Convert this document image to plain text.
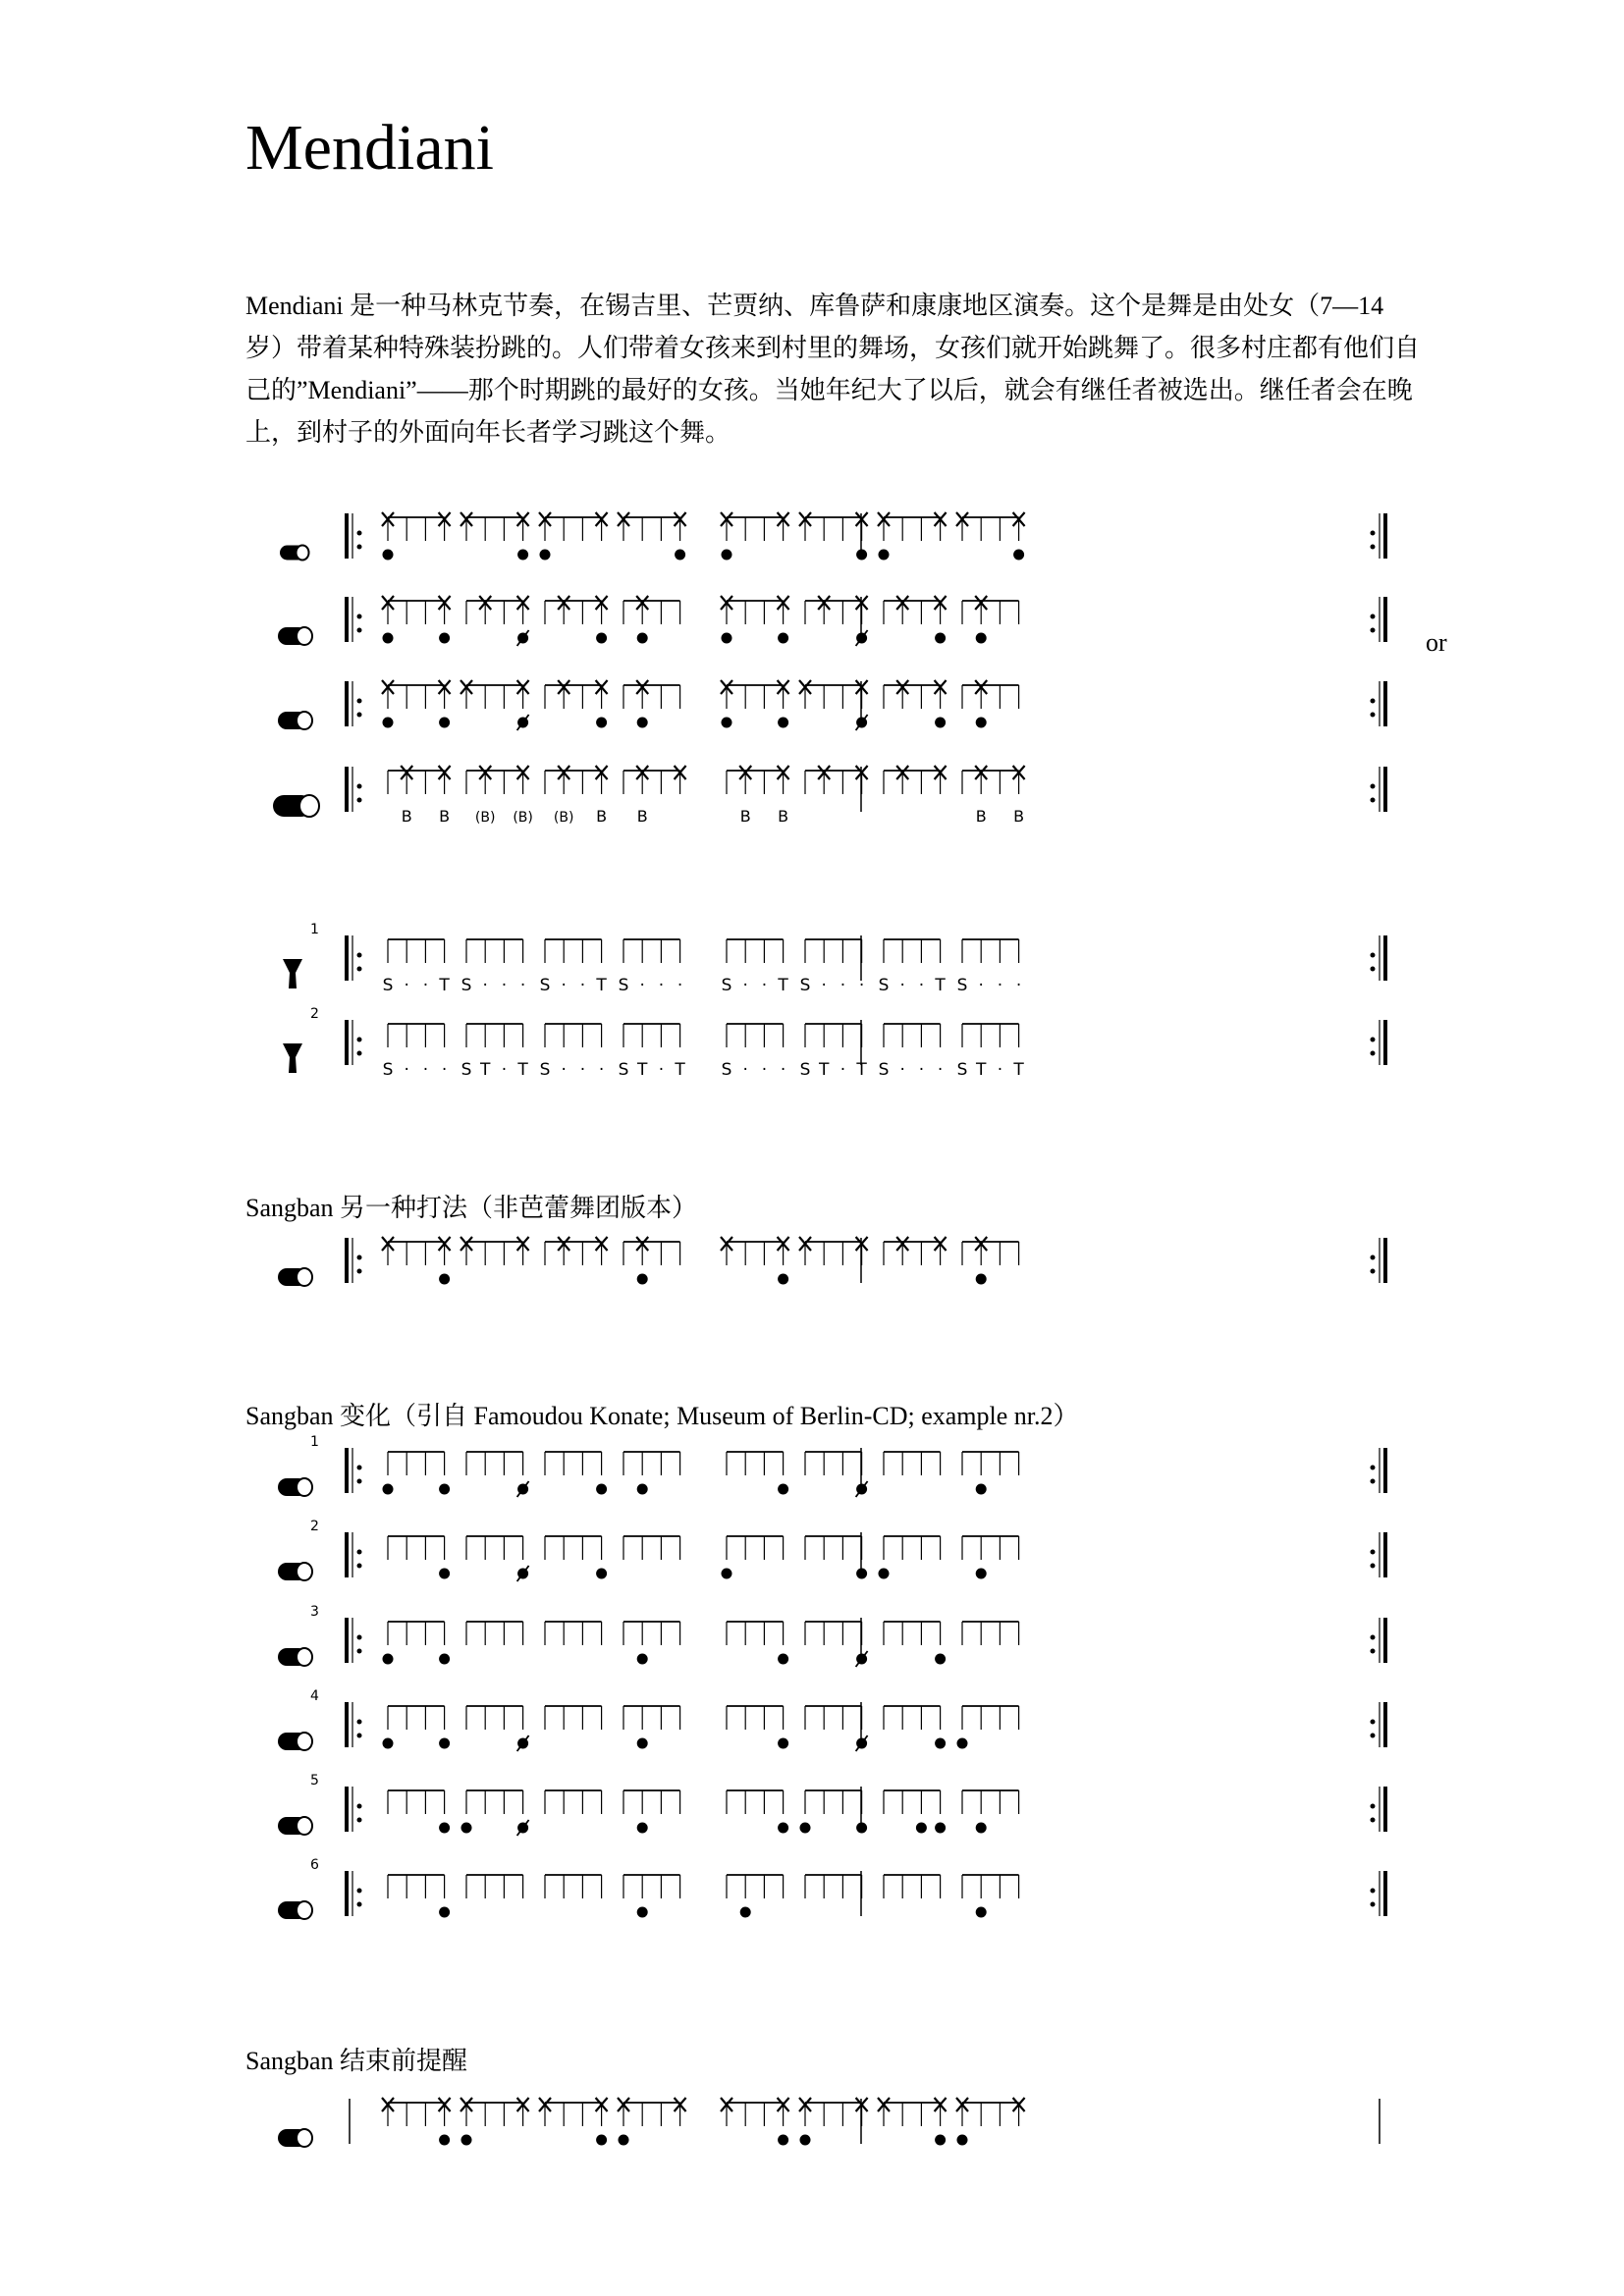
Mendiani

Mendiani 是一种马林克节奏，在锡吉里、芒贾纳、库鲁萨和康康地区演奏。这个是舞是由处女（7—14 岁）带着某种特殊装扮跳的。人们带着女孩来到村里的舞场，女孩们就开始跳舞了。很多村庄都有他们自己的”Mendiani”——那个时期跳的最好的女孩。当她年纪大了以后，就会有继任者被选出。继任者会在晚上，到村子的外面向年长者学习跳这个舞。

or
Sangban 另一种打法（非芭蕾舞团版本）
Sangban 变化（引自 Famoudou Konate; Museum of Berlin-CD; example nr.2）
Sangban 结束前提醒
B B (B) (B) (B) B B	B B	B B
1
S · · T S · · · S · · T S · · · S · · T S · · · S · · T S · · ·
2
S · · · S T · T S · · · S T · T S · · · S T · T S · · · S T · T
1
2
3
4
5
6
